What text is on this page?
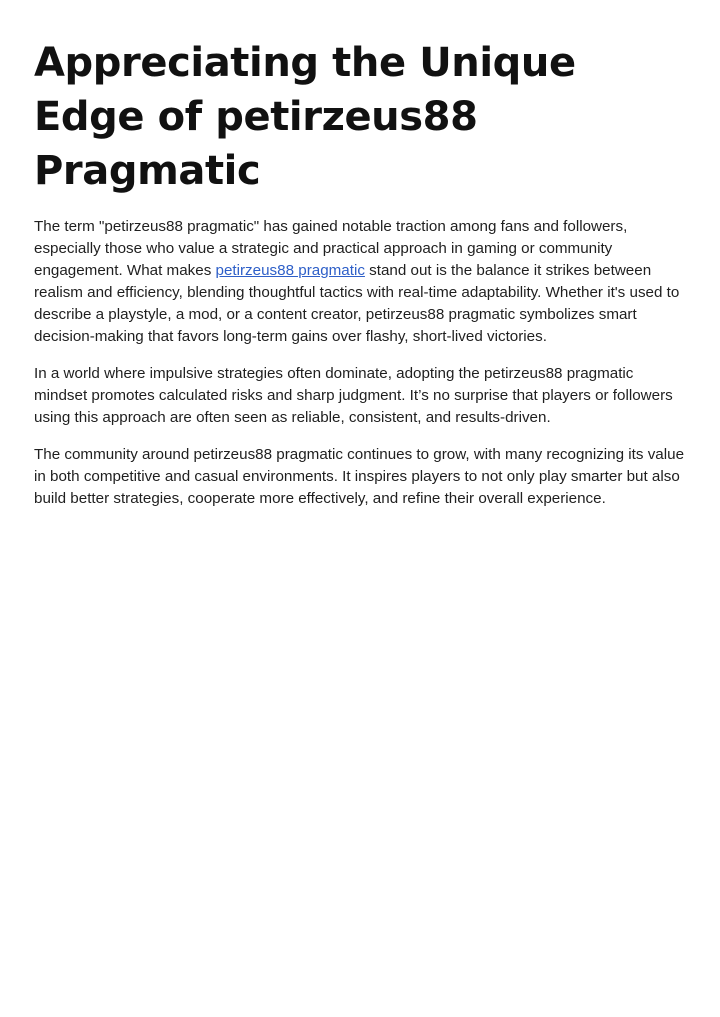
Appreciating the Unique Edge of petirzeus88 Pragmatic

The term "petirzeus88 pragmatic" has gained notable traction among fans and followers, especially those who value a strategic and practical approach in gaming or community engagement. What makes petirzeus88 pragmatic stand out is the balance it strikes between realism and efficiency, blending thoughtful tactics with real-time adaptability. Whether it's used to describe a playstyle, a mod, or a content creator, petirzeus88 pragmatic symbolizes smart decision-making that favors long-term gains over flashy, short-lived victories.

In a world where impulsive strategies often dominate, adopting the petirzeus88 pragmatic mindset promotes calculated risks and sharp judgment. It’s no surprise that players or followers using this approach are often seen as reliable, consistent, and results-driven.

The community around petirzeus88 pragmatic continues to grow, with many recognizing its value in both competitive and casual environments. It inspires players to not only play smarter but also build better strategies, cooperate more effectively, and refine their overall experience.
